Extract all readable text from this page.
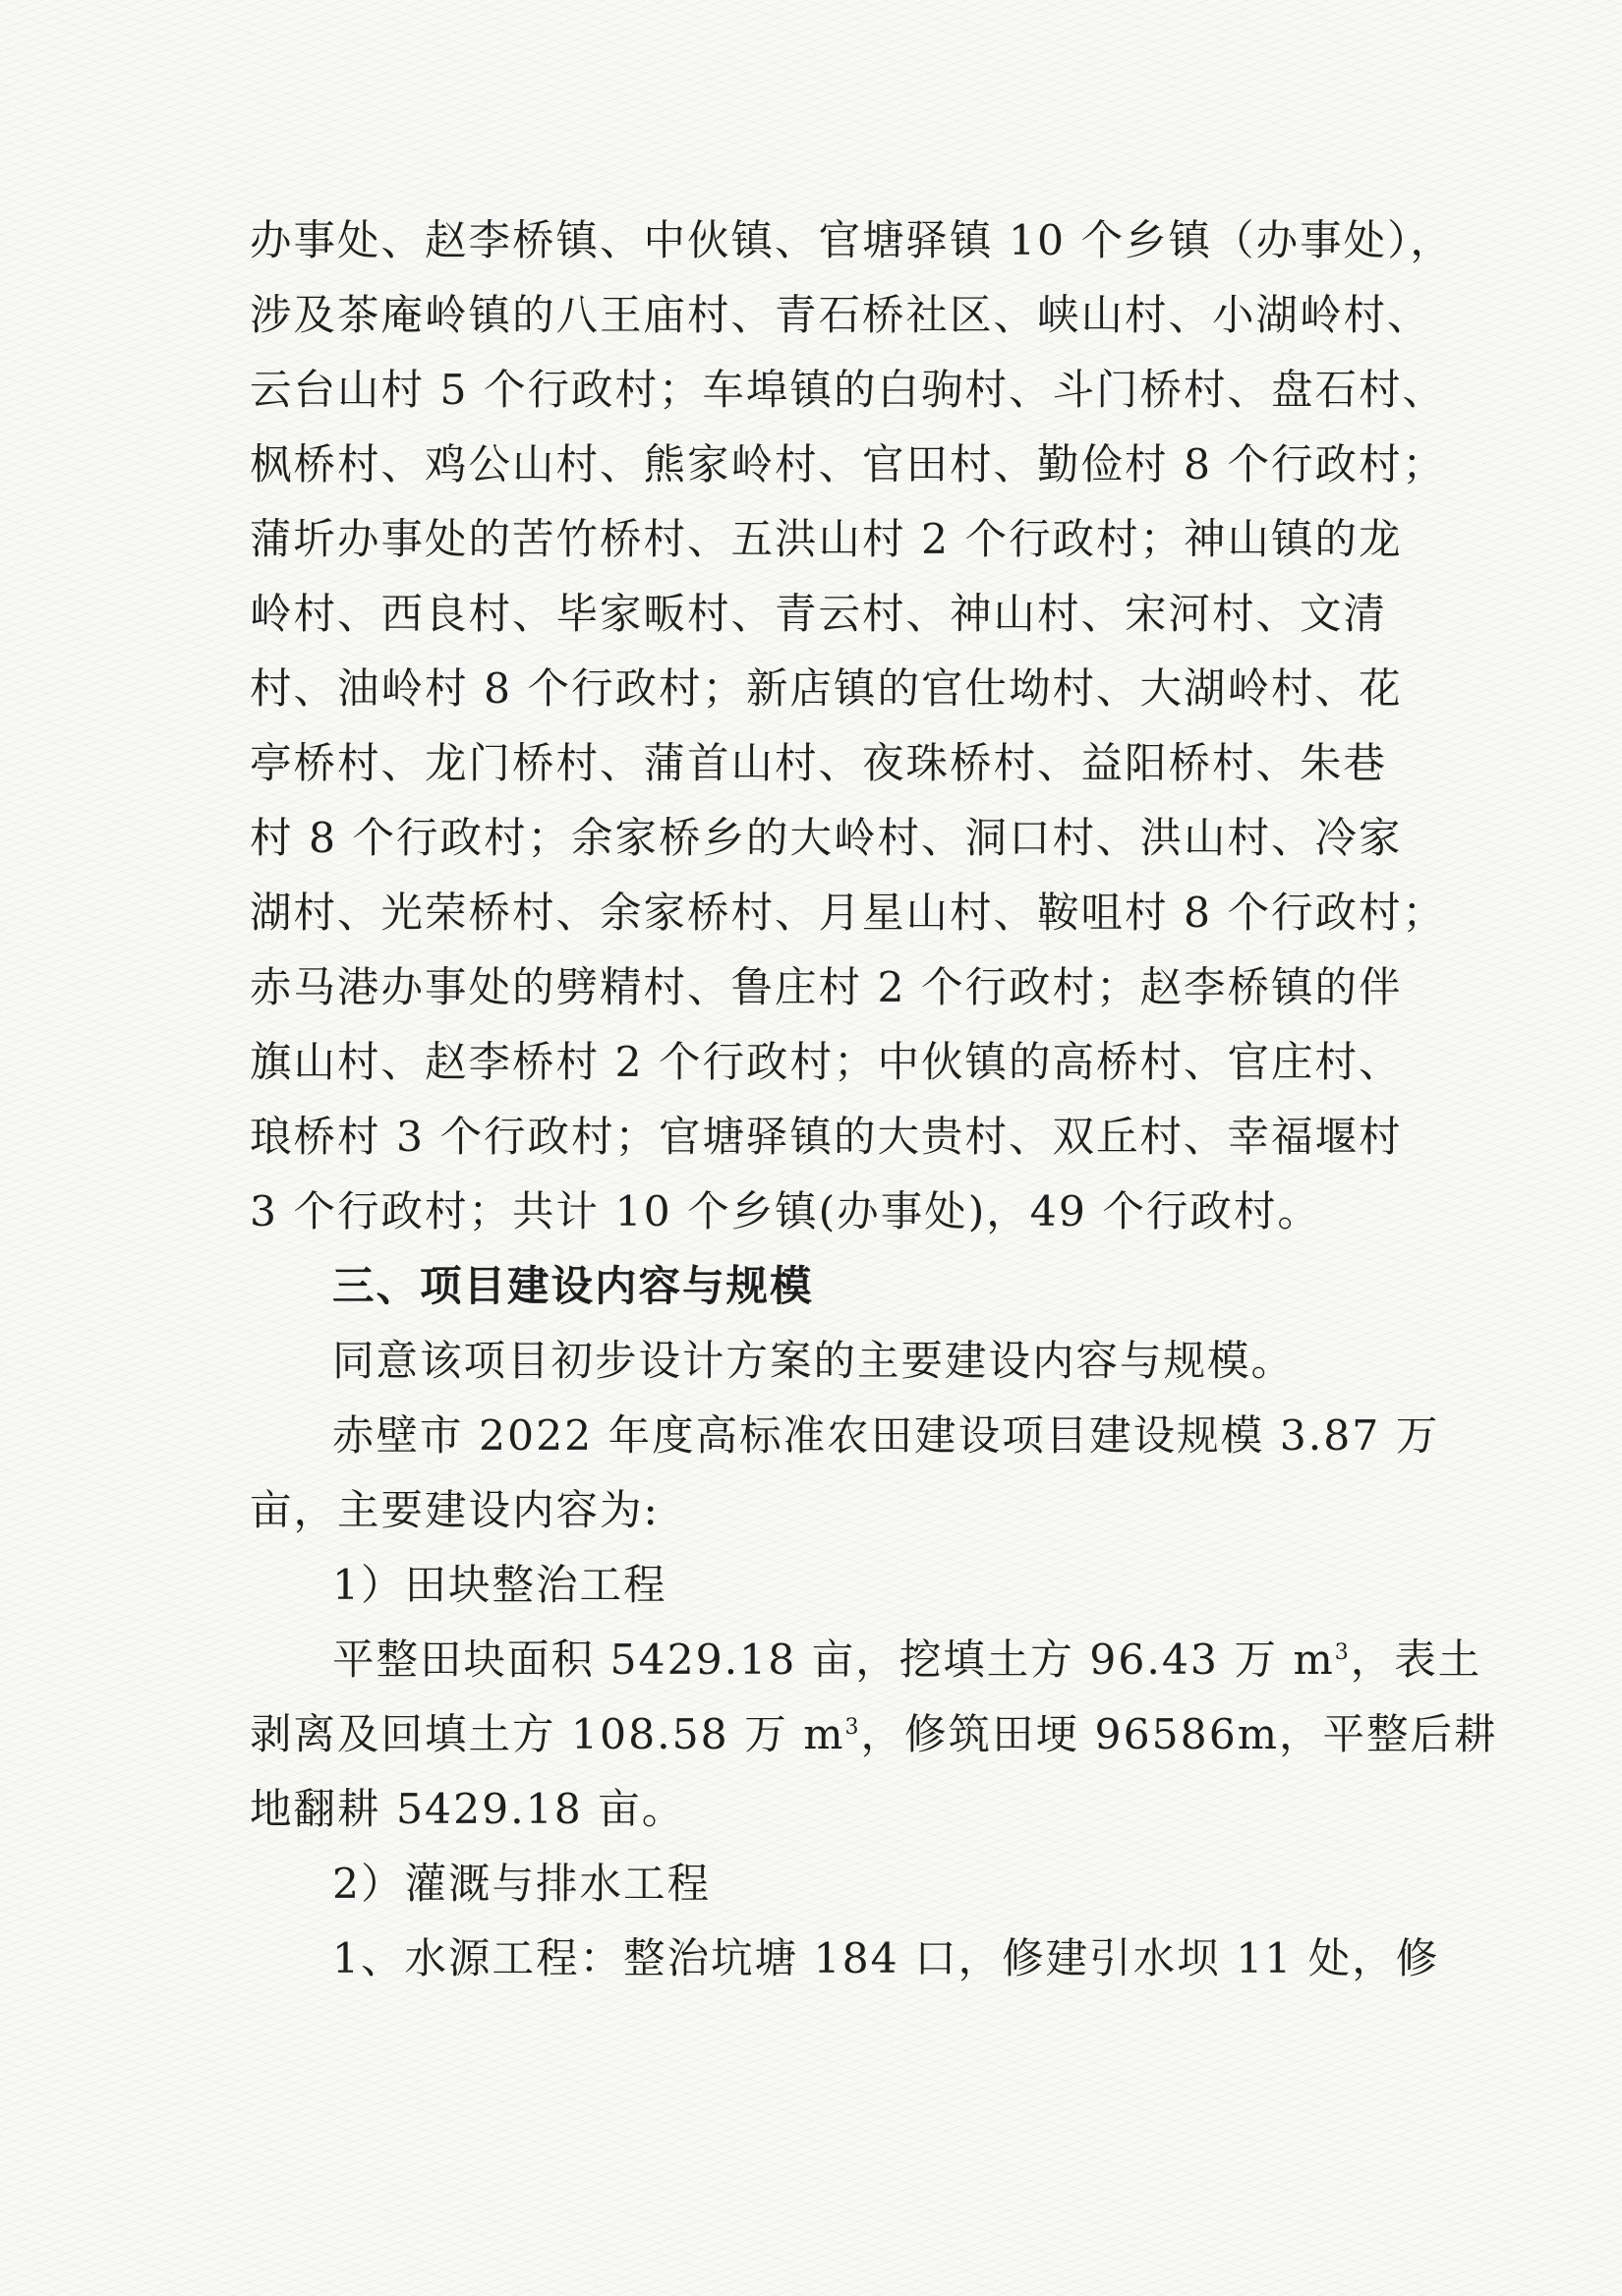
办事处、赵李桥镇、中伙镇、官塘驿镇 10 个乡镇（办事处），

涉及茶庵岭镇的八王庙村、青石桥社区、峡山村、小湖岭村、

云台山村 5 个行政村；车埠镇的白驹村、斗门桥村、盘石村、

枫桥村、鸡公山村、熊家岭村、官田村、勤俭村 8 个行政村；

蒲圻办事处的苦竹桥村、五洪山村 2 个行政村；神山镇的龙

岭村、西良村、毕家畈村、青云村、神山村、宋河村、文清

村、油岭村 8 个行政村；新店镇的官仕坳村、大湖岭村、花

亭桥村、龙门桥村、蒲首山村、夜珠桥村、益阳桥村、朱巷

村 8 个行政村；余家桥乡的大岭村、洞口村、洪山村、冷家

湖村、光荣桥村、余家桥村、月星山村、鞍咀村 8 个行政村；

赤马港办事处的劈精村、鲁庄村 2 个行政村；赵李桥镇的伴

旗山村、赵李桥村 2 个行政村；中伙镇的高桥村、官庄村、

琅桥村 3 个行政村；官塘驿镇的大贵村、双丘村、幸福堰村

3 个行政村；共计 10 个乡镇(办事处)，49 个行政村。

三、项目建设内容与规模

同意该项目初步设计方案的主要建设内容与规模。

赤壁市 2022 年度高标准农田建设项目建设规模 3.87 万

亩，主要建设内容为:

1）田块整治工程

平整田块面积 5429.18 亩，挖填土方 96.43 万 $m^3$，表土

剥离及回填土方 108.58 万 $m^3$，修筑田埂 96586m，平整后耕

地翻耕 5429.18 亩。

2）灌溉与排水工程

1、水源工程：整治坑塘 184 口，修建引水坝 11 处，修
